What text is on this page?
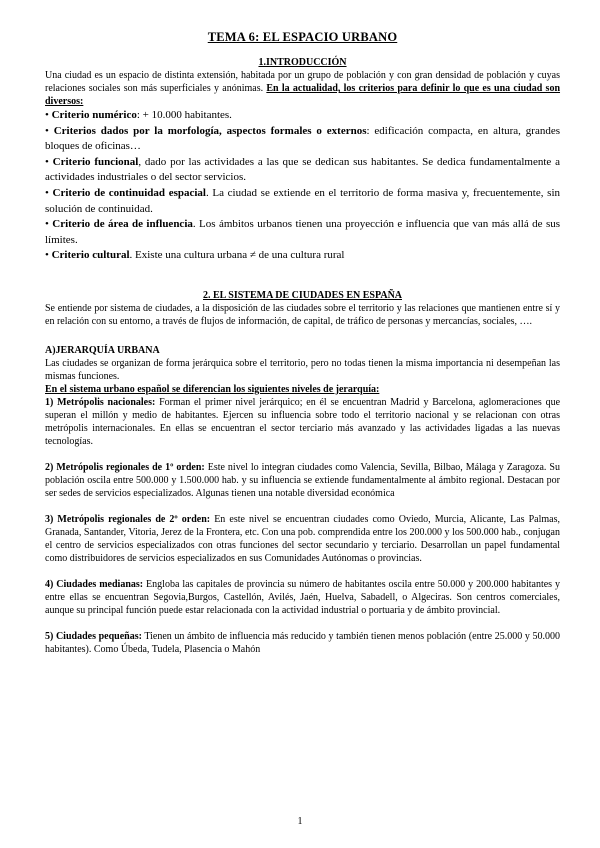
TEMA 6: EL ESPACIO URBANO
1.INTRODUCCIÓN

Una ciudad es un espacio de distinta extensión, habitada por un grupo de población y con gran densidad de población y cuyas relaciones sociales son más superficiales y anónimas. En la actualidad, los criterios para definir lo que es una ciudad son diversos:

• Criterio numérico: + 10.000 habitantes.
• Criterios dados por la morfología, aspectos formales o externos: edificación compacta, en altura, grandes bloques de oficinas…
• Criterio funcional, dado por las actividades a las que se dedican sus habitantes. Se dedica fundamentalmente a actividades industriales o del sector servicios.
• Criterio de continuidad espacial. La ciudad se extiende en el territorio de forma masiva y, frecuentemente, sin solución de continuidad.
• Criterio de área de influencia. Los ámbitos urbanos tienen una proyección e influencia que van más allá de sus límites.
• Criterio cultural. Existe una cultura urbana ≠ de una cultura rural
2. EL SISTEMA DE CIUDADES EN ESPAÑA

Se entiende por sistema de ciudades, a la disposición de las ciudades sobre el territorio y las relaciones que mantienen entre sí y en relación con su entorno, a través de flujos de información, de capital, de tráfico de personas y mercancías, sociales, ….

A)JERARQUÍA URBANA

Las ciudades se organizan de forma jerárquica sobre el territorio, pero no todas tienen la misma importancia ni desempeñan las mismas funciones.

En el sistema urbano español se diferencian los siguientes niveles de jerarquía:

1) Metrópolis nacionales: Forman el primer nivel jerárquico; en él se encuentran Madrid y Barcelona, aglomeraciones que superan el millón y medio de habitantes. Ejercen su influencia sobre todo el territorio nacional y se relacionan con otras metrópolis internacionales. En ellas se encuentran el sector terciario más avanzado y las actividades ligadas a las nuevas tecnologías.

2) Metrópolis regionales de 1º orden: Este nivel lo integran ciudades como Valencia, Sevilla, Bilbao, Málaga y Zaragoza. Su población oscila entre 500.000 y 1.500.000 hab. y su influencia se extiende fundamentalmente al ámbito regional. Destacan por ser sedes de servicios especializados. Algunas tienen una notable diversidad económica

3) Metrópolis regionales de 2º orden: En este nivel se encuentran ciudades como Oviedo, Murcia, Alicante, Las Palmas, Granada, Santander, Vitoria, Jerez de la Frontera, etc. Con una pob. comprendida entre los 200.000 y los 500.000 hab., conjugan el centro de servicios especializados con otras funciones del sector secundario y terciario. Desarrollan un papel fundamental como distribuidores de servicios especializados en sus Comunidades Autónomas o provincias.

4) Ciudades medianas: Engloba las capitales de provincia su número de habitantes oscila entre 50.000 y 200.000 habitantes y entre ellas se encuentran Segovia,Burgos, Castellón, Avilés, Jaén, Huelva, Sabadell, o Algeciras. Son centros comerciales, aunque su principal función puede estar relacionada con la actividad industrial o portuaria y de ámbito provincial.

5) Ciudades pequeñas: Tienen un ámbito de influencia más reducido y también tienen menos población (entre 25.000 y 50.000 habitantes). Como Úbeda, Tudela, Plasencia o Mahón

1
